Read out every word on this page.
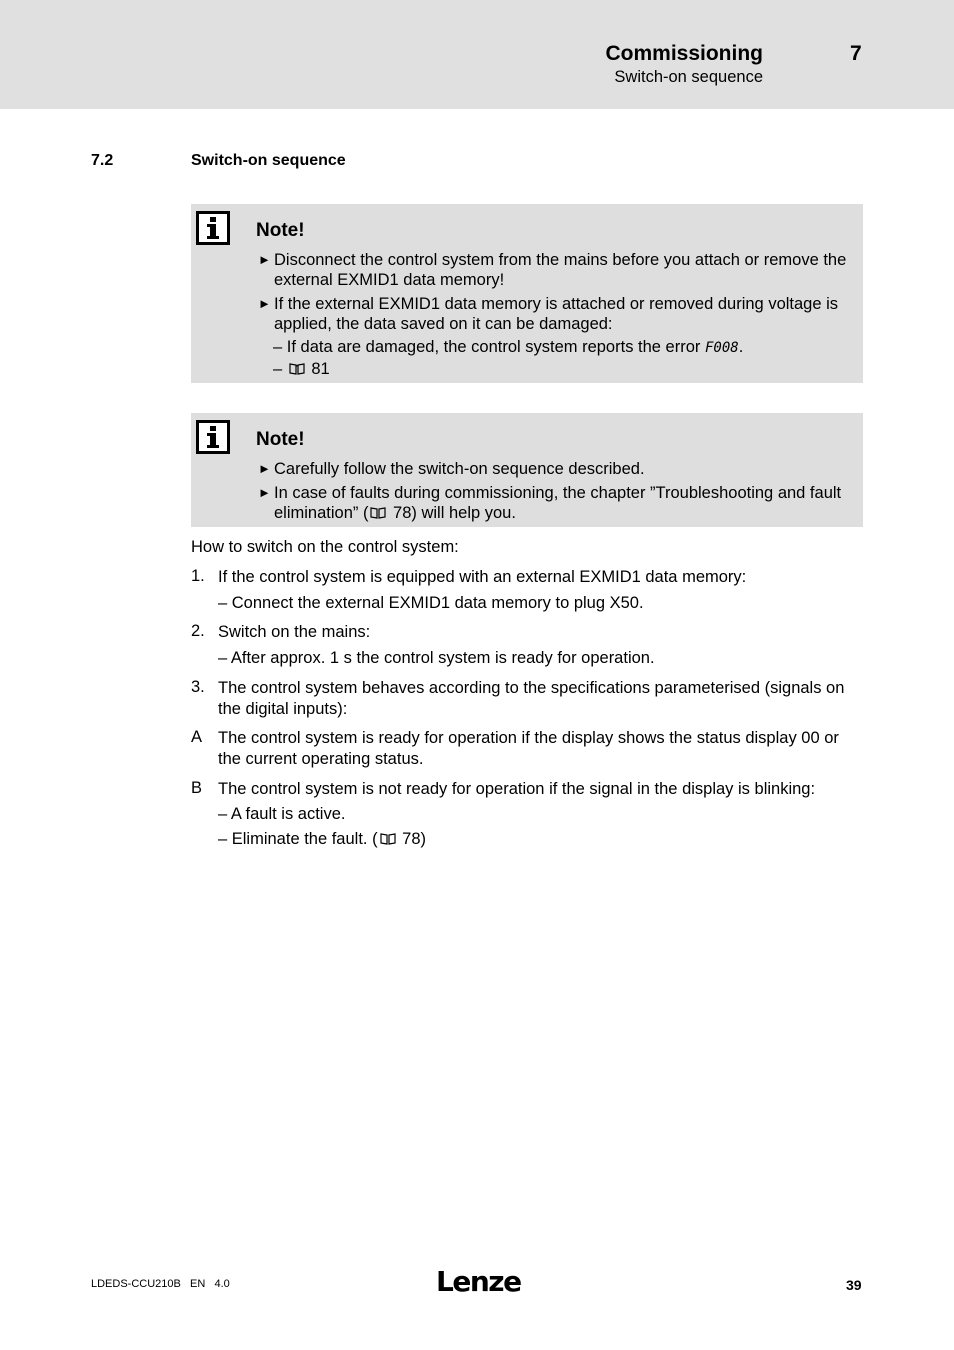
Commissioning	7
Switch-on sequence
7.2	Switch-on sequence
Note!
► Disconnect the control system from the mains before you attach or remove the external EXMID1 data memory!
► If the external EXMID1 data memory is attached or removed during voltage is applied, the data saved on it can be damaged:
– If data are damaged, the control system reports the error F008.
– 81
Note!
► Carefully follow the switch-on sequence described.
► In case of faults during commissioning, the chapter ”Troubleshooting and fault elimination” ( 78) will help you.
How to switch on the control system:
1. If the control system is equipped with an external EXMID1 data memory:
– Connect the external EXMID1 data memory to plug X50.
2. Switch on the mains:
– After approx. 1 s the control system is ready for operation.
3. The control system behaves according to the specifications parameterised (signals on the digital inputs):
A The control system is ready for operation if the display shows the status display 00 or the current operating status.
B The control system is not ready for operation if the signal in the display is blinking:
– A fault is active.
– Eliminate the fault. ( 78)
LDEDS-CCU210B   EN   4.0	Lenze	39
